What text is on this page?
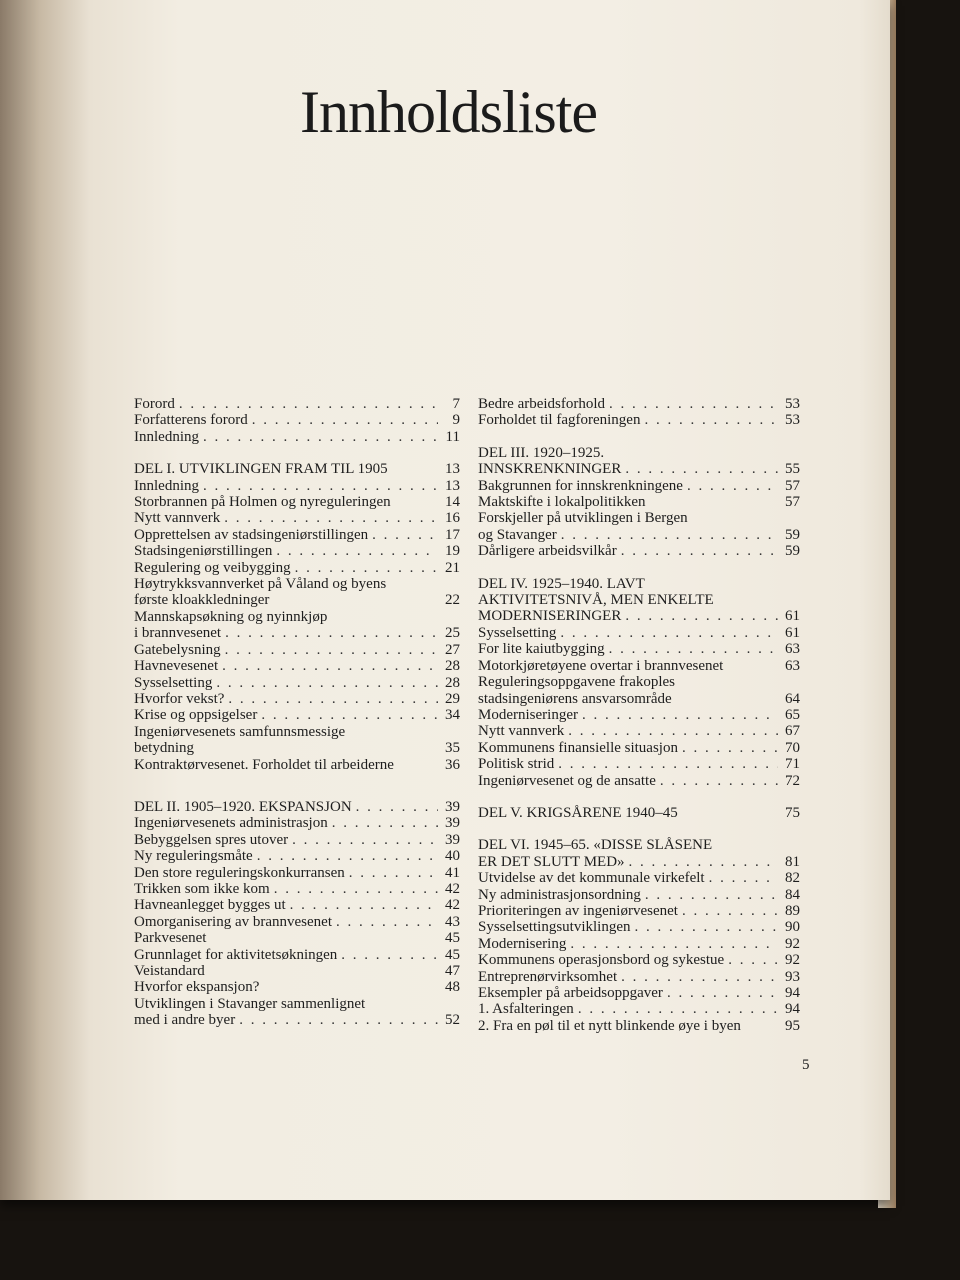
Innholdsliste
Forord . . .	7
Forfatterens forord . . .	9
Innledning . . .	11
DEL I. UTVIKLINGEN FRAM TIL 1905	13
Innledning . . .	13
Storbrannen på Holmen og nyreguleringen	14
Nytt vannverk . . .	16
Opprettelsen av stadsingeniørstillingen . . .	17
Stadsingeniørstillingen . . .	19
Regulering og veibygging . . .	21
Høytrykksvannverket på Våland og byens
første kloakkledninger	22
Mannskapsøkning og nyinnkjøp
i brannvesenet . . .	25
Gatebelysning . . .	27
Havnevesenet . . .	28
Sysselsetting . . .	28
Hvorfor vekst? . . .	29
Krise og oppsigelser . . .	34
Ingeniørvesenets samfunnsmessige
betydning	35
Kontraktørvesenet. Forholdet til arbeiderne	36
DEL II. 1905–1920. EKSPANSJON . . .	39
Ingeniørvesenets administrasjon . . .	39
Bebyggelsen spres utover . . .	39
Ny reguleringsmåte . . .	40
Den store reguleringskonkurransen . . .	41
Trikken som ikke kom . . .	42
Havneanlegget bygges ut . . .	42
Omorganisering av brannvesenet . . .	43
Parkvesenet	45
Grunnlaget for aktivitetsøkningen . . .	45
Veistandard	47
Hvorfor ekspansjon?	48
Utviklingen i Stavanger sammenlignet
med i andre byer . . .	52
Bedre arbeidsforhold . . .	53
Forholdet til fagforeningen . . .	53
DEL III. 1920–1925.
INNSKRENKNINGER . . .	55
Bakgrunnen for innskrenkningene . . .	57
Maktskifte i lokalpolitikken	57
Forskjeller på utviklingen i Bergen
og Stavanger . . .	59
Dårligere arbeidsvilkår . . .	59
DEL IV. 1925–1940. LAVT
AKTIVITETSNIVÅ, MEN ENKELTE
MODERNISERINGER . . .	61
Sysselsetting . . .	61
For lite kaiutbygging . . .	63
Motorkjøretøyene overtar i brannvesenet	63
Reguleringsoppgavene frakoples
stadsingeniørens ansvarsområde	64
Moderniseringer . . .	65
Nytt vannverk . . .	67
Kommunens finansielle situasjon . . .	70
Politisk strid . . .	71
Ingeniørvesenet og de ansatte . . .	72
DEL V. KRIGSÅRENE 1940–45	75
DEL VI. 1945–65. «DISSE SLÅSENE
ER DET SLUTT MED» . . .	81
Utvidelse av det kommunale virkefelt . . .	82
Ny administrasjonsordning . . .	84
Prioriteringen av ingeniørvesenet . . .	89
Sysselsettingsutviklingen . . .	90
Modernisering . . .	92
Kommunens operasjonsbord og sykestue . . .	92
Entreprenørvirksomhet . . .	93
Eksempler på arbeidsoppgaver . . .	94
1. Asfalteringen . . .	94
2. Fra en pøl til et nytt blinkende øye i byen	95
5
